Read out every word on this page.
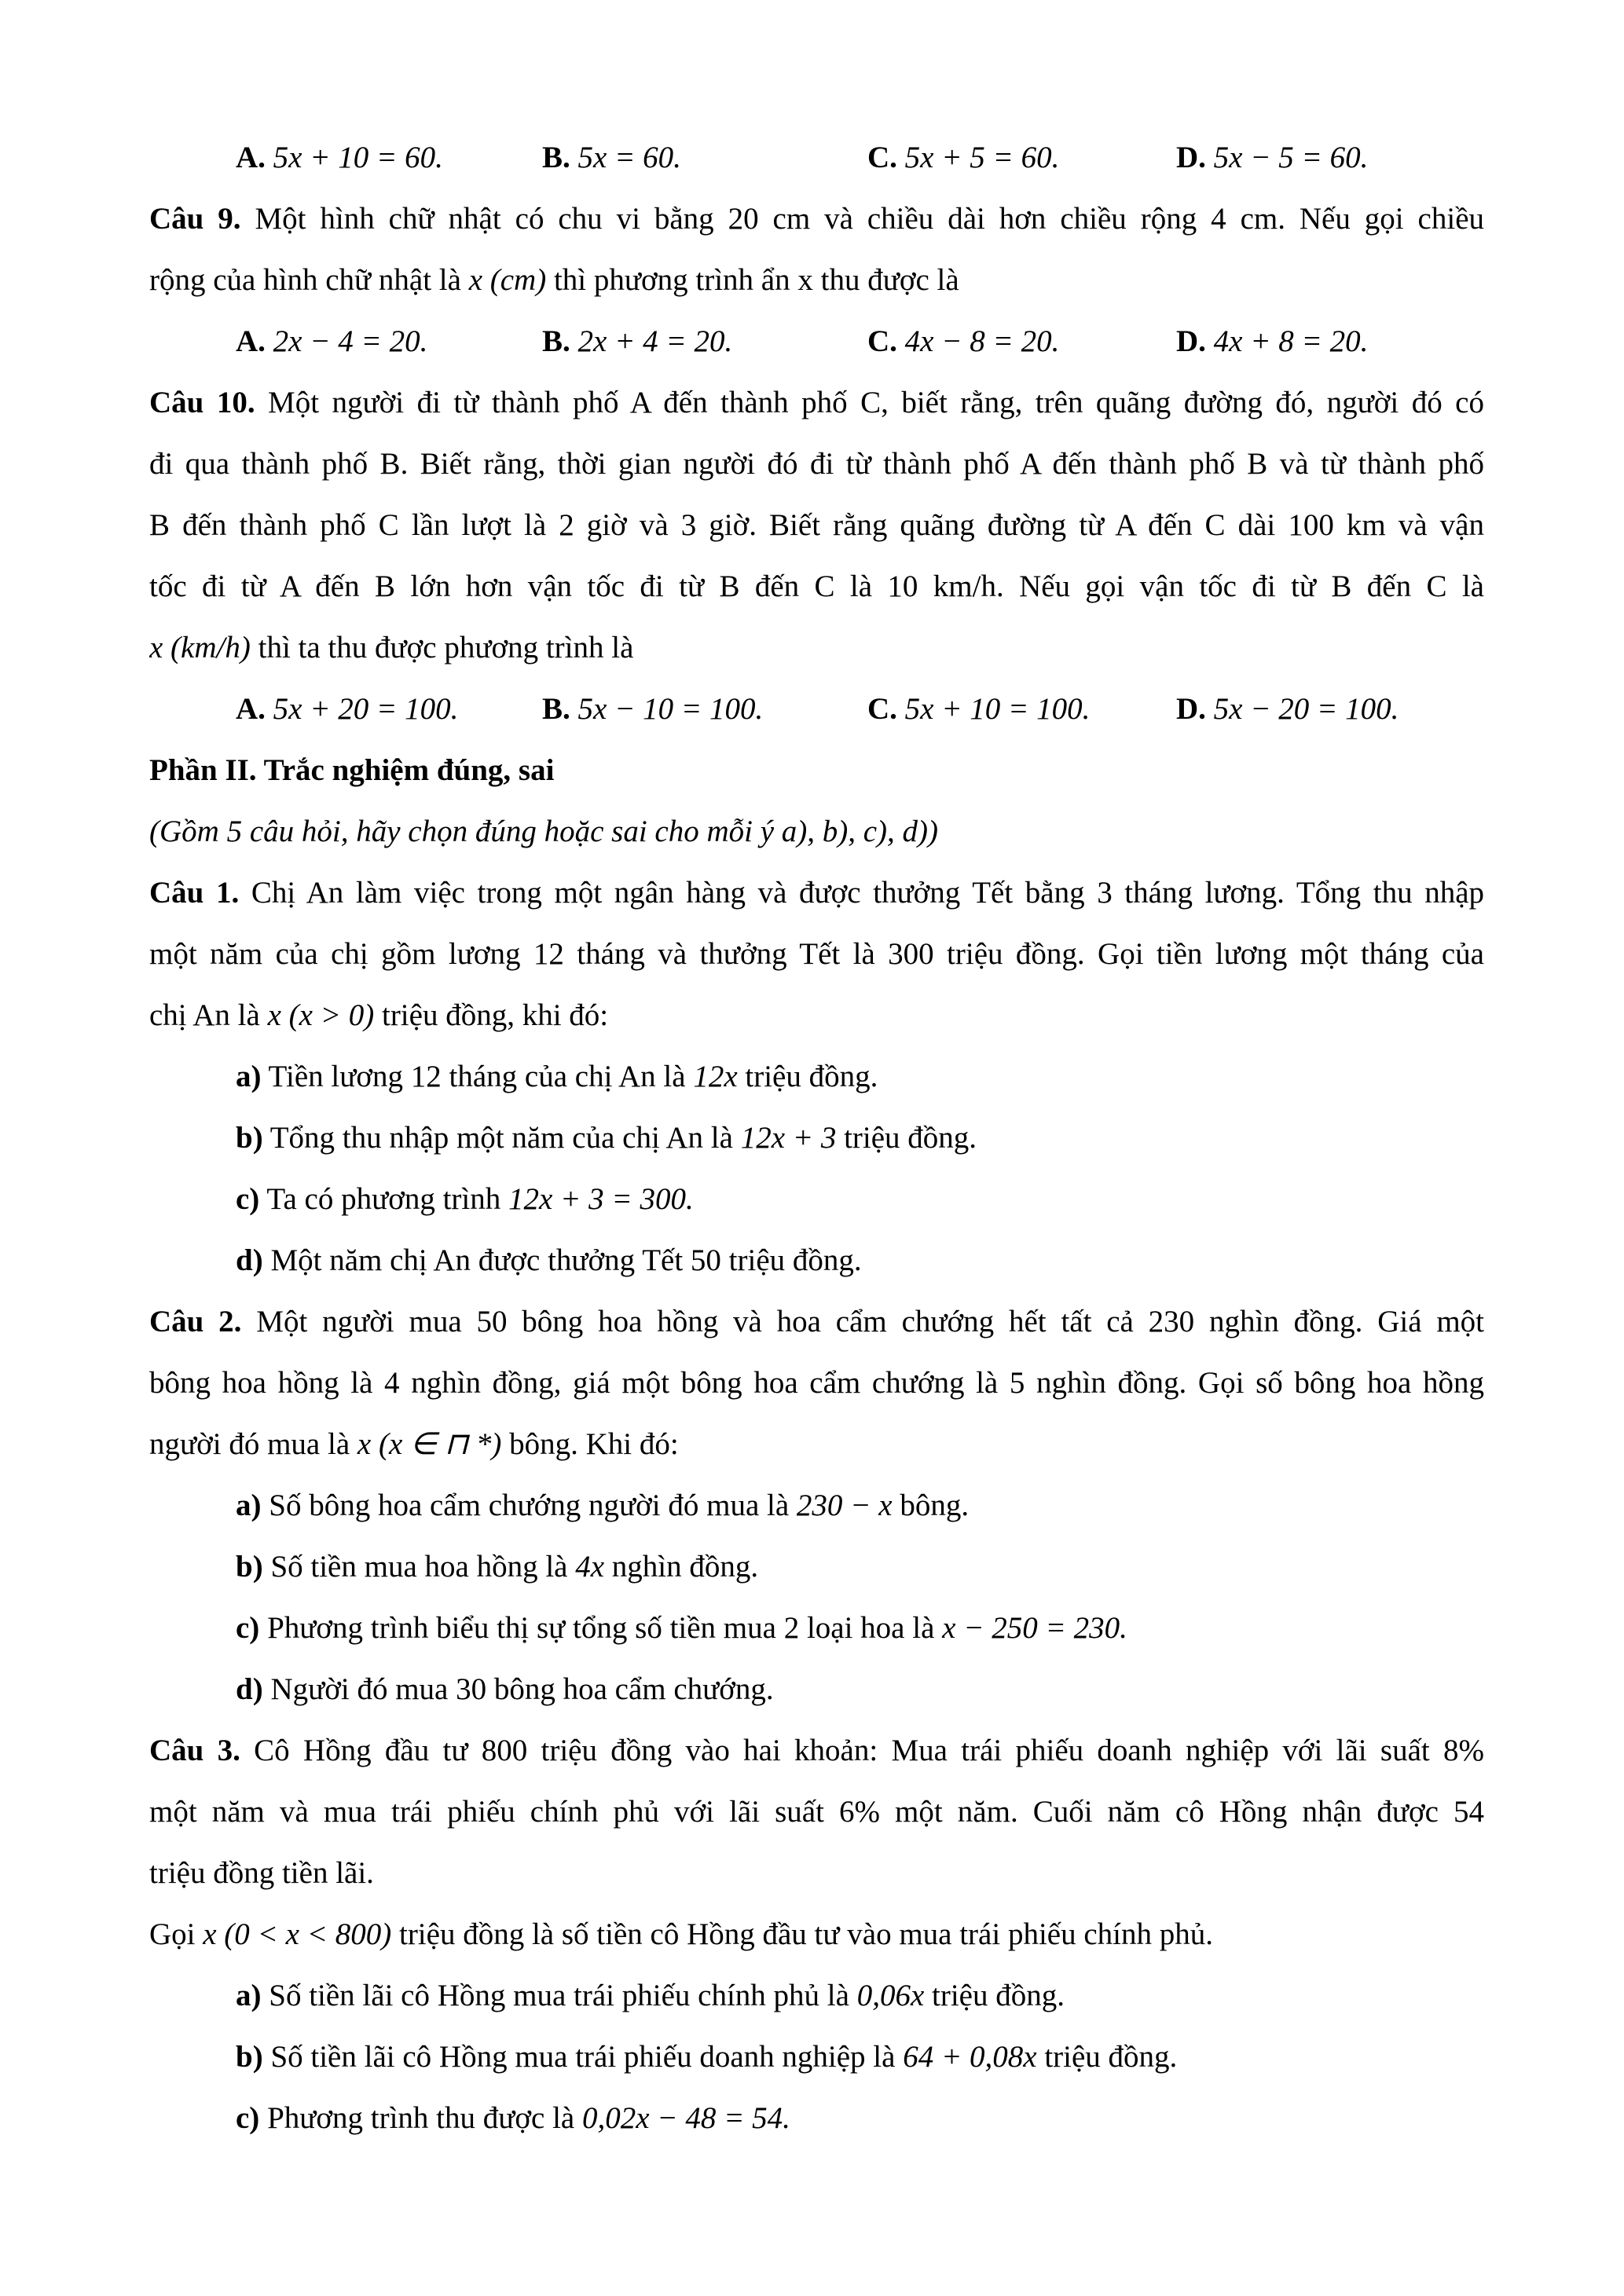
A. 5x + 10 = 60.	B. 5x = 60.	C. 5x + 5 = 60.	D. 5x − 5 = 60.
Câu 9. Một hình chữ nhật có chu vi bằng 20 cm và chiều dài hơn chiều rộng 4 cm. Nếu gọi chiều
rộng của hình chữ nhật là x (cm) thì phương trình ẩn x thu được là
A. 2x − 4 = 20.	B. 2x + 4 = 20.	C. 4x − 8 = 20.	D. 4x + 8 = 20.
Câu 10. Một người đi từ thành phố A đến thành phố C, biết rằng, trên quãng đường đó, người đó có
đi qua thành phố B. Biết rằng, thời gian người đó đi từ thành phố A đến thành phố B và từ thành phố
B đến thành phố C lần lượt là 2 giờ và 3 giờ. Biết rằng quãng đường từ A đến C dài 100 km và vận
tốc đi từ A đến B lớn hơn vận tốc đi từ B đến C là 10 km/h. Nếu gọi vận tốc đi từ B đến C là
x (km/h) thì ta thu được phương trình là
A. 5x + 20 = 100.	B. 5x − 10 = 100.	C. 5x + 10 = 100.	D. 5x − 20 = 100.
Phần II. Trắc nghiệm đúng, sai
(Gồm 5 câu hỏi, hãy chọn đúng hoặc sai cho mỗi ý a), b), c), d))
Câu 1. Chị An làm việc trong một ngân hàng và được thưởng Tết bằng 3 tháng lương. Tổng thu nhập
một năm của chị gồm lương 12 tháng và thưởng Tết là 300 triệu đồng. Gọi tiền lương một tháng của
chị An là x (x > 0) triệu đồng, khi đó:
a) Tiền lương 12 tháng của chị An là 12x triệu đồng.
b) Tổng thu nhập một năm của chị An là 12x + 3 triệu đồng.
c) Ta có phương trình 12x + 3 = 300.
d) Một năm chị An được thưởng Tết 50 triệu đồng.
Câu 2. Một người mua 50 bông hoa hồng và hoa cẩm chướng hết tất cả 230 nghìn đồng. Giá một
bông hoa hồng là 4 nghìn đồng, giá một bông hoa cẩm chướng là 5 nghìn đồng. Gọi số bông hoa hồng
người đó mua là x (x ∈ ⊓ *) bông. Khi đó:
a) Số bông hoa cẩm chướng người đó mua là 230 − x bông.
b) Số tiền mua hoa hồng là 4x nghìn đồng.
c) Phương trình biểu thị sự tổng số tiền mua 2 loại hoa là x − 250 = 230.
d) Người đó mua 30 bông hoa cẩm chướng.
Câu 3. Cô Hồng đầu tư 800 triệu đồng vào hai khoản: Mua trái phiếu doanh nghiệp với lãi suất 8%
một năm và mua trái phiếu chính phủ với lãi suất 6% một năm. Cuối năm cô Hồng nhận được 54
triệu đồng tiền lãi.
Gọi x (0 < x < 800) triệu đồng là số tiền cô Hồng đầu tư vào mua trái phiếu chính phủ.
a) Số tiền lãi cô Hồng mua trái phiếu chính phủ là 0,06x triệu đồng.
b) Số tiền lãi cô Hồng mua trái phiếu doanh nghiệp là 64 + 0,08x triệu đồng.
c) Phương trình thu được là 0,02x − 48 = 54.
